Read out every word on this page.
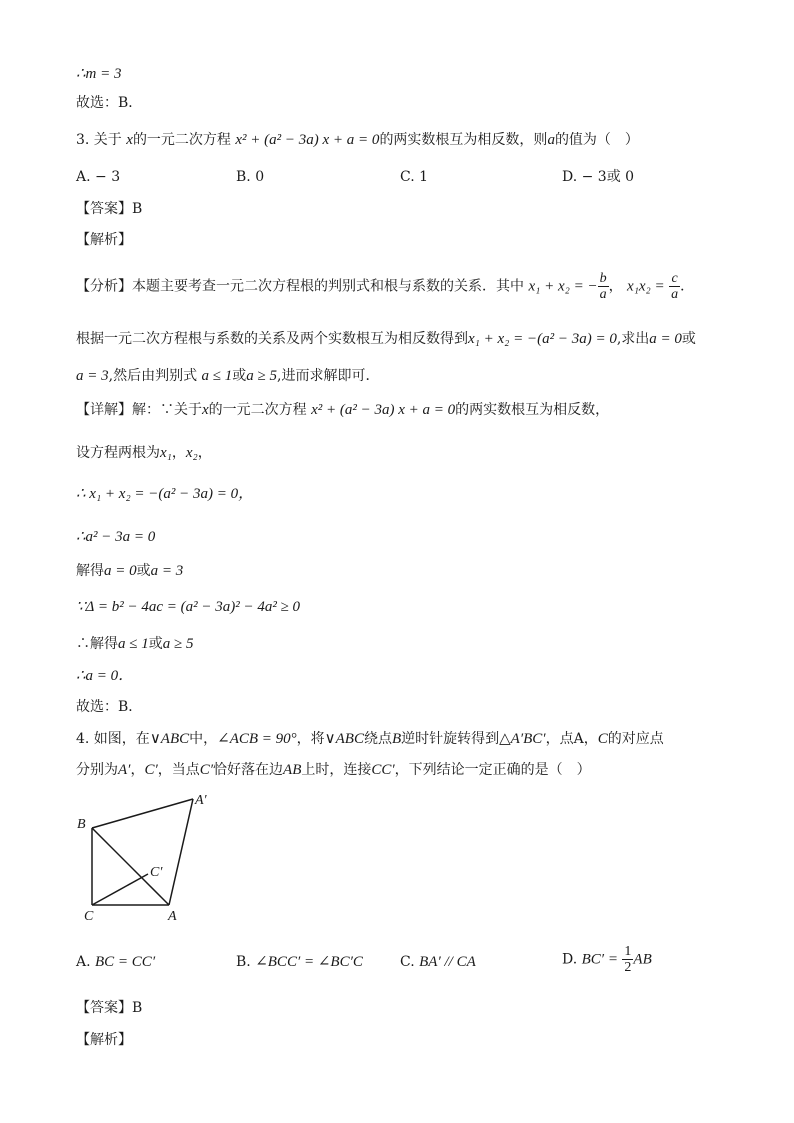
∴m = 3
故选：B．
3. 关于 x的一元二次方程 x² + (a² − 3a) x + a = 0的两实数根互为相反数，则a的值为（　）
A. − 3	B. 0	C. 1	D. − 3或 0
【答案】B
【解析】
【分析】本题主要考查一元二次方程根的判别式和根与系数的关系．其中 x₁ + x₂ = − $\frac{b}{a}$ ， $x_1x_2 = \frac{c}{a}$ ．
根据一元二次方程根与系数的关系及两个实数根互为相反数得到x₁ + x₂ = −(a² − 3a) = 0,求出a = 0或
a = 3,然后由判别式 a ≤ 1或a ≥ 5,进而求解即可．
【详解】解：∵关于x的一元二次方程 x² + (a² − 3a) x + a = 0的两实数根互为相反数，
设方程两根为x₁，x₂，
∴ x₁ + x₂ = −(a² − 3a) = 0，
∴a² − 3a = 0
解得a = 0或a = 3
∵Δ = b² − 4ac = (a² − 3a)² − 4a² ≥ 0
∴解得a ≤ 1或a ≥ 5
∴a = 0．
故选：B．
4. 如图，在∨ABC中，∠ACB = 90°，将∨ABC绕点B逆时针旋转得到△A′BC′，点A，C的对应点
分别为A′，C′，当点C′恰好落在边AB上时，连接CC′，下列结论一定正确的是（　）
B
A′
C′
C	A
A. BC = CC′	B. ∠BCC′ = ∠BC′C	C. BA′ // CA	D. $BC' = \frac{1}{2}$ AB
【答案】B
【解析】
